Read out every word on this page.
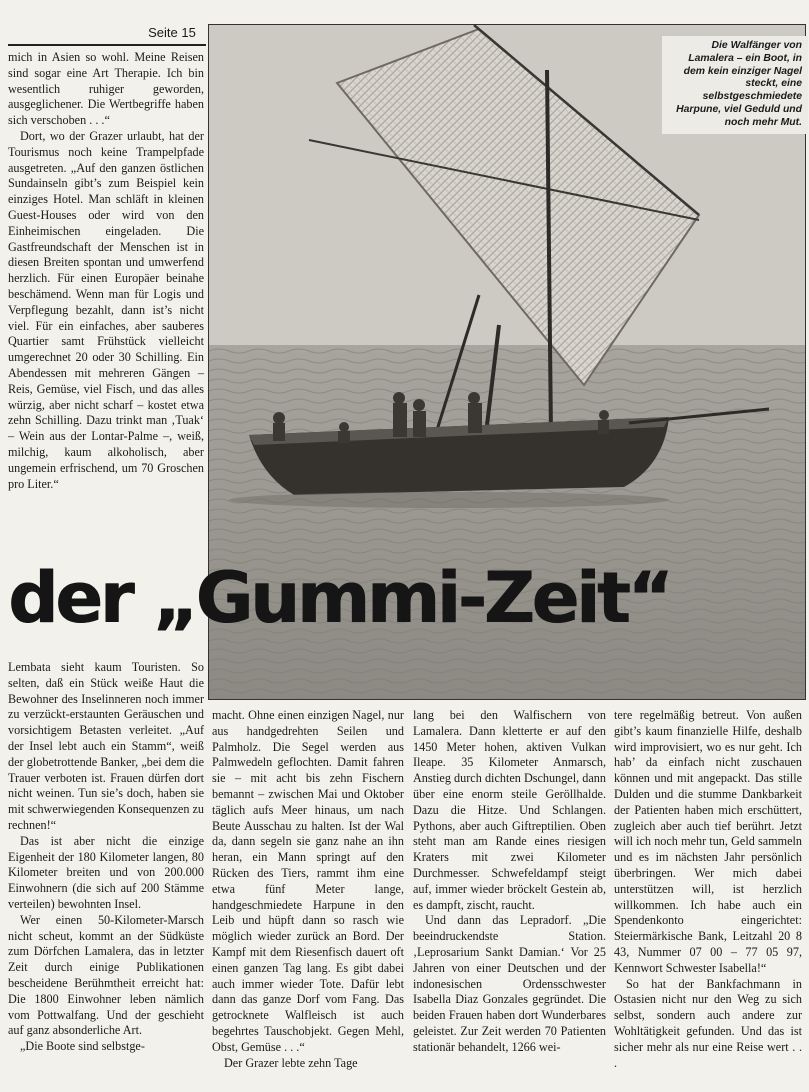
Seite 15

mich in Asien so wohl. Meine Reisen sind sogar eine Art Therapie. Ich bin wesentlich ruhiger geworden, ausgeglichener. Die Wertbegriffe haben sich verschoben . . .“

Dort, wo der Grazer urlaubt, hat der Tourismus noch keine Trampelpfade ausgetreten. „Auf den ganzen östlichen Sundainseln gibt’s zum Beispiel kein einziges Hotel. Man schläft in kleinen Guest-Houses oder wird von den Einheimischen eingeladen. Die Gastfreundschaft der Menschen ist in diesen Breiten spontan und umwerfend herzlich. Für einen Europäer beinahe beschämend. Wenn man für Logis und Verpflegung bezahlt, dann ist’s nicht viel. Für ein einfaches, aber sauberes Quartier samt Frühstück vielleicht umgerechnet 20 oder 30 Schilling. Ein Abendessen mit mehreren Gängen – Reis, Gemüse, viel Fisch, und das alles würzig, aber nicht scharf – kostet etwa zehn Schilling. Dazu trinkt man ‚Tuak‘ – Wein aus der Lontar-Palme –, weiß, milchig, kaum alkoholisch, aber ungemein erfrischend, um 70 Groschen pro Liter.“

Die Walfänger von Lamalera – ein Boot, in dem kein einziger Nagel steckt, eine selbstgeschmiedete Harpune, viel Geduld und noch mehr Mut.
der „Gummi-Zeit“

Lembata sieht kaum Touristen. So selten, daß ein Stück weiße Haut die Bewohner des Inselinneren noch immer zu verzückt-erstaunten Geräuschen und vorsichtigem Betasten verleitet. „Auf der Insel lebt auch ein Stamm“, weiß der globetrottende Banker, „bei dem die Trauer verboten ist. Frauen dürfen dort nicht weinen. Tun sie’s doch, haben sie mit schwerwiegenden Konsequenzen zu rechnen!“

Das ist aber nicht die einzige Eigenheit der 180 Kilometer langen, 80 Kilometer breiten und von 200.000 Einwohnern (die sich auf 200 Stämme verteilen) bewohnten Insel.

Wer einen 50-Kilometer-Marsch nicht scheut, kommt an der Südküste zum Dörfchen Lamalera, das in letzter Zeit durch einige Publikationen bescheidene Berühmtheit erreicht hat: Die 1800 Einwohner leben nämlich vom Pottwalfang. Und der geschieht auf ganz absonderliche Art.

„Die Boote sind selbstge-

macht. Ohne einen einzigen Nagel, nur aus handgedrehten Seilen und Palmholz. Die Segel werden aus Palmwedeln geflochten. Damit fahren sie – mit acht bis zehn Fischern bemannt – zwischen Mai und Oktober täglich aufs Meer hinaus, um nach Beute Ausschau zu halten. Ist der Wal da, dann segeln sie ganz nahe an ihn heran, ein Mann springt auf den Rücken des Tiers, rammt ihm eine etwa fünf Meter lange, handgeschmiedete Harpune in den Leib und hüpft dann so rasch wie möglich wieder zurück an Bord. Der Kampf mit dem Riesenfisch dauert oft einen ganzen Tag lang. Es gibt dabei auch immer wieder Tote. Dafür lebt dann das ganze Dorf vom Fang. Das getrocknete Walfleisch ist auch begehrtes Tauschobjekt. Gegen Mehl, Obst, Gemüse . . .“

Der Grazer lebte zehn Tage

lang bei den Walfischern von Lamalera. Dann kletterte er auf den 1450 Meter hohen, aktiven Vulkan Ileape. 35 Kilometer Anmarsch, Anstieg durch dichten Dschungel, dann über eine enorm steile Geröllhalde. Dazu die Hitze. Und Schlangen. Pythons, aber auch Giftreptilien. Oben steht man am Rande eines riesigen Kraters mit zwei Kilometer Durchmesser. Schwefeldampf steigt auf, immer wieder bröckelt Gestein ab, es dampft, zischt, raucht.

Und dann das Lepradorf. „Die beeindruckendste Station. ‚Leprosarium Sankt Damian.‘ Vor 25 Jahren von einer Deutschen und der indonesischen Ordensschwester Isabella Diaz Gonzales gegründet. Die beiden Frauen haben dort Wunderbares geleistet. Zur Zeit werden 70 Patienten stationär behandelt, 1266 wei-

tere regelmäßig betreut. Von außen gibt’s kaum finanzielle Hilfe, deshalb wird improvisiert, wo es nur geht. Ich hab’ da einfach nicht zuschauen können und mit angepackt. Das stille Dulden und die stumme Dankbarkeit der Patienten haben mich erschüttert, zugleich aber auch tief berührt. Jetzt will ich noch mehr tun, Geld sammeln und es im nächsten Jahr persönlich überbringen. Wer mich dabei unterstützen will, ist herzlich willkommen. Ich habe auch ein Spendenkonto eingerichtet: Steiermärkische Bank, Leitzahl 20 8 43, Nummer 07 00 – 77 05 97, Kennwort Schwester Isabella!“

So hat der Bankfachmann in Ostasien nicht nur den Weg zu sich selbst, sondern auch andere zur Wohltätigkeit gefunden. Und das ist sicher mehr als nur eine Reise wert . . .
